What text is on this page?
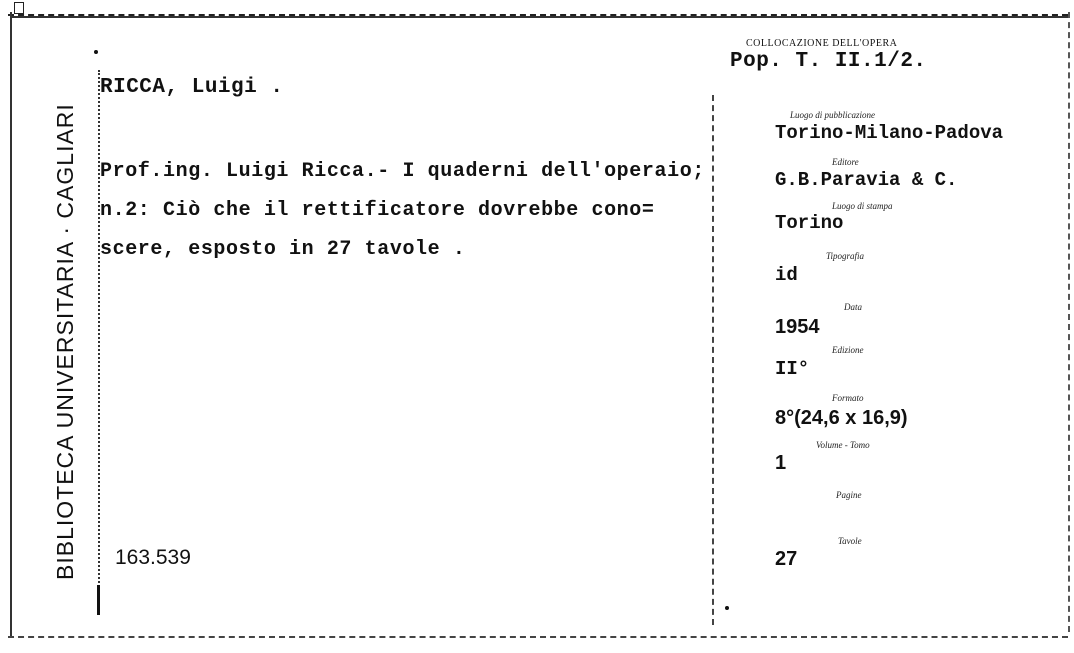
BIBLIOTECA UNIVERSITARIA · CAGLIARI
RICCA, Luigi .
Prof.ing. Luigi Ricca.- I quaderni dell'operaio;
n.2: Ciò che il rettificatore dovrebbe cono=
scere, esposto in 27 tavole .
163.539
COLLOCAZIONE DELL'OPERA
Pop. T. II.1/2.
Luogo di pubblicazione
Torino-Milano-Padova
Editore
G.B.Paravia & C.
Luogo di stampa
Torino
Tipografia
id
Data
1954
Edizione
II°
Formato
8°(24,6 x 16,9)
Volume - Tomo
1
Pagine
Tavole
27
